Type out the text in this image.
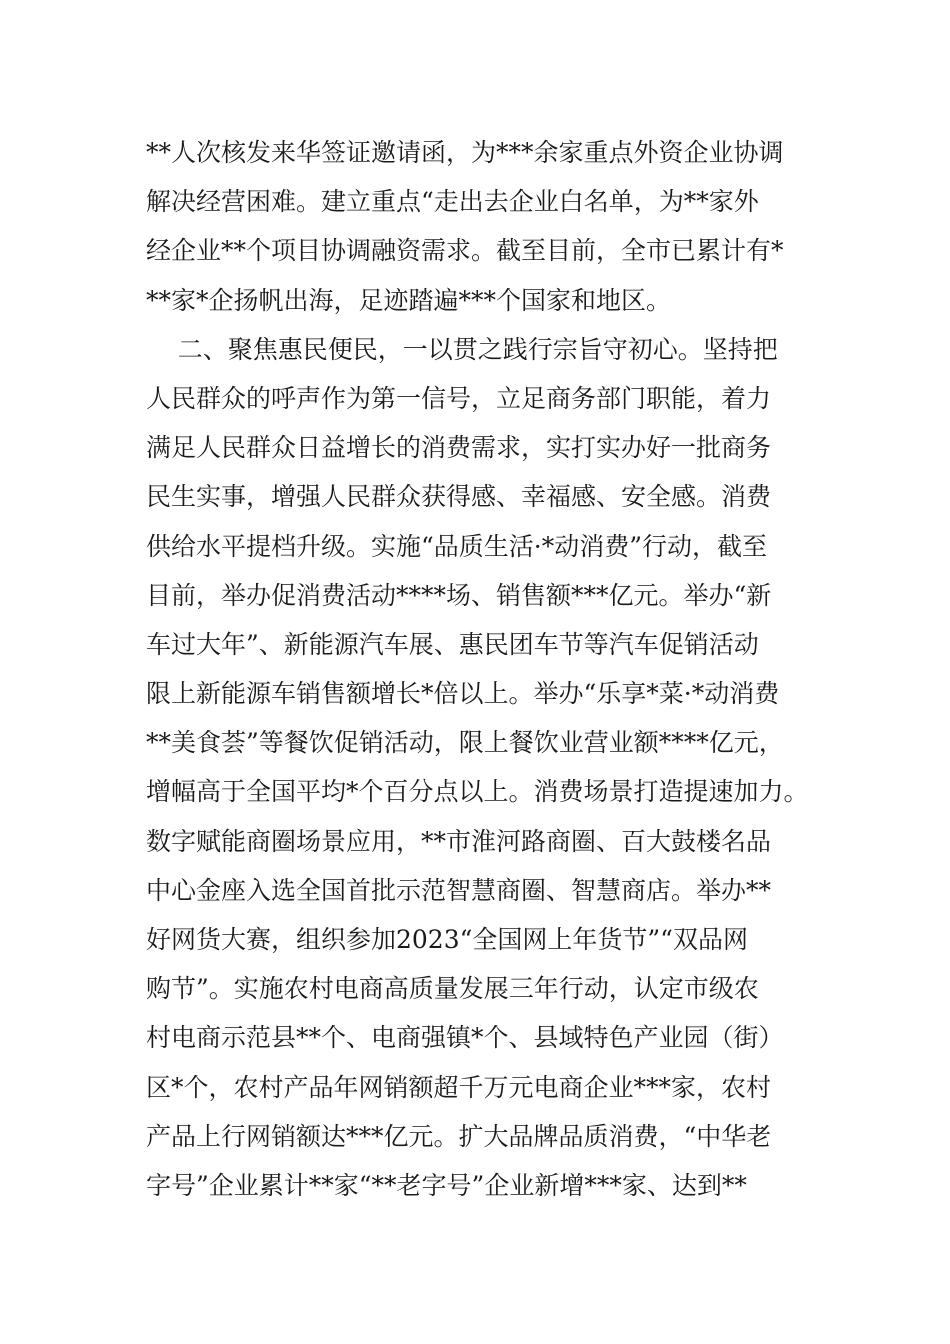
**人次核发来华签证邀请函，为***余家重点外资企业协调
解决经营困难。建立重点“走出去企业白名单，为**家外
经企业**个项目协调融资需求。截至目前，全市已累计有*
**家*企扬帆出海，足迹踏遍***个国家和地区。
二、聚焦惠民便民，一以贯之践行宗旨守初心。坚持把
人民群众的呼声作为第一信号，立足商务部门职能，着力
满足人民群众日益增长的消费需求，实打实办好一批商务
民生实事，增强人民群众获得感、幸福感、安全感。消费
供给水平提档升级。实施“品质生活·*动消费”行动，截至
目前，举办促消费活动****场、销售额***亿元。举办“新
车过大年”、新能源汽车展、惠民团车节等汽车促销活动
限上新能源车销售额增长*倍以上。举办“乐享*菜·*动消费
**美食荟”等餐饮促销活动，限上餐饮业营业额****亿元，
增幅高于全国平均*个百分点以上。消费场景打造提速加力。
数字赋能商圈场景应用，**市淮河路商圈、百大鼓楼名品
中心金座入选全国首批示范智慧商圈、智慧商店。举办**
好网货大赛，组织参加2023“全国网上年货节”“双品网
购节”。实施农村电商高质量发展三年行动，认定市级农
村电商示范县**个、电商强镇*个、县域特色产业园（街）
区*个，农村产品年网销额超千万元电商企业***家，农村
产品上行网销额达***亿元。扩大品牌品质消费，“中华老
字号”企业累计**家“**老字号”企业新增***家、达到**
